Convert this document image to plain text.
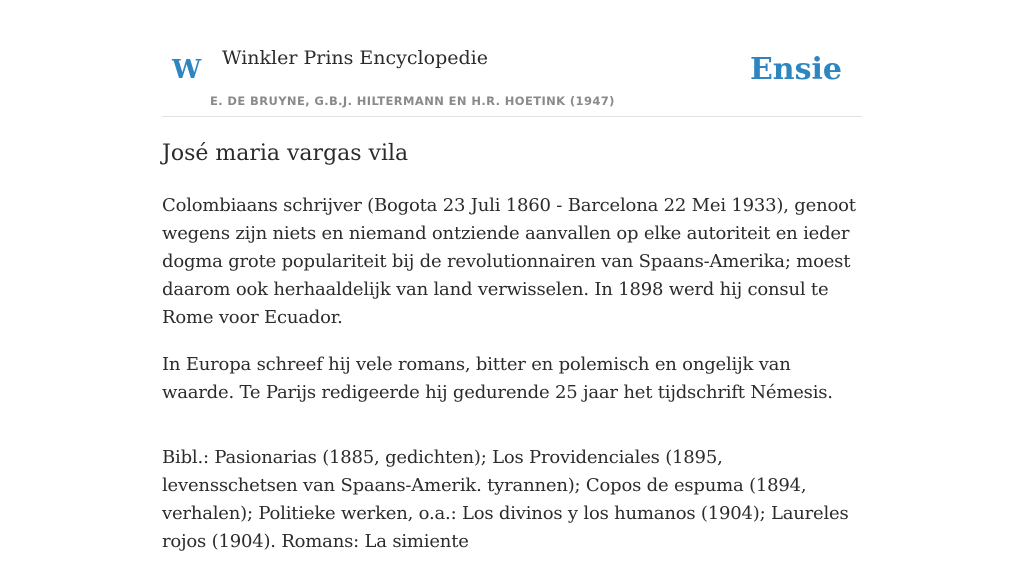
W Winkler Prins Encyclopedie
E. DE BRUYNE, G.B.J. HILTERMANN EN H.R. HOETINK (1947)
Ensie
José maria vargas vila

Colombiaans schrijver (Bogota 23 Juli 1860 - Barcelona 22 Mei 1933), genoot wegens zijn niets en niemand ontziende aanvallen op elke autoriteit en ieder dogma grote populariteit bij de revolutionnairen van Spaans-Amerika; moest daarom ook herhaaldelijk van land verwisselen. In 1898 werd hij consul te Rome voor Ecuador.

In Europa schreef hij vele romans, bitter en polemisch en ongelijk van waarde. Te Parijs redigeerde hij gedurende 25 jaar het tijdschrift Némesis.

Bibl.: Pasionarias (1885, gedichten); Los Providenciales (1895, levensschetsen van Spaans-Amerik. tyrannen); Copos de espuma (1894, verhalen); Politieke werken, o.a.: Los divinos y los humanos (1904); Laureles rojos (1904). Romans: La simiente
